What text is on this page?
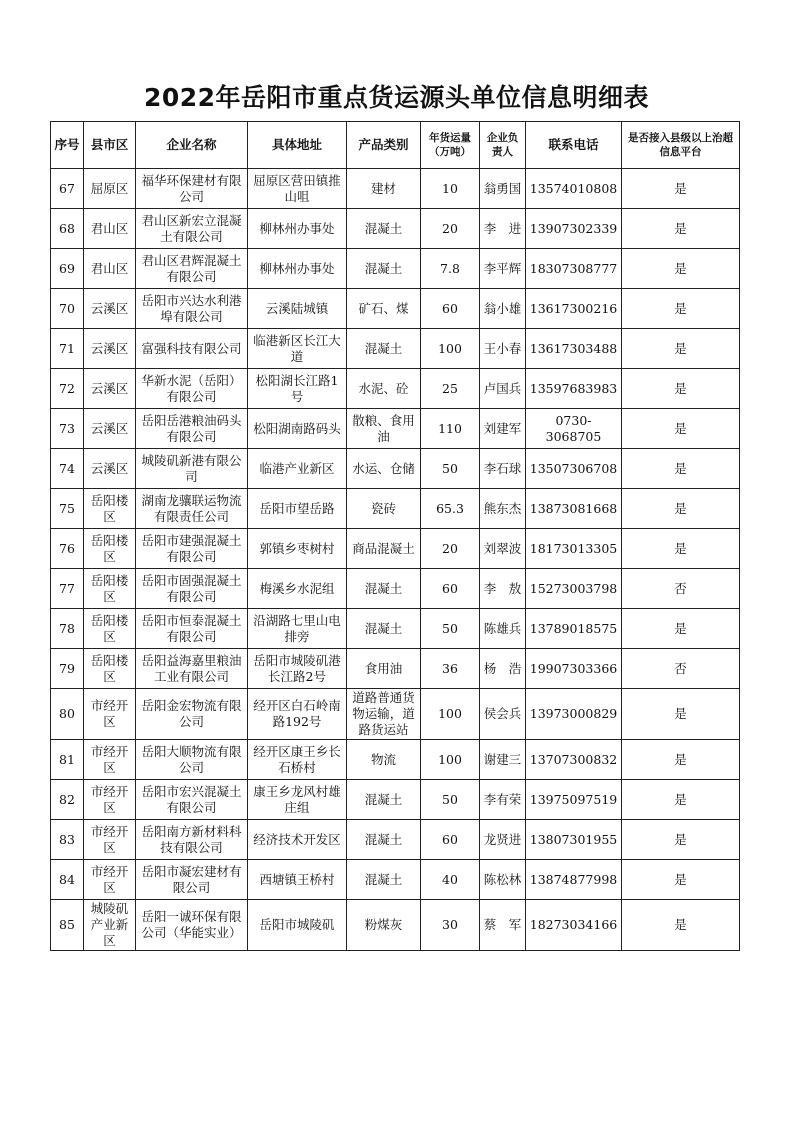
2022年岳阳市重点货运源头单位信息明细表
序号	县市区	企业名称	具体地址	产品类别	年货运量（万吨）	企业负责人	联系电话	是否接入县级以上治超信息平台
67	屈原区	福华环保建材有限公司	屈原区营田镇推山咀	建材	10	翁勇国	13574010808	是
68	君山区	君山区新宏立混凝土有限公司	柳林州办事处	混凝土	20	李　进	13907302339	是
69	君山区	君山区君辉混凝土有限公司	柳林州办事处	混凝土	7.8	李平辉	18307308777	是
70	云溪区	岳阳市兴达水利港埠有限公司	云溪陆城镇	矿石、煤	60	翁小雄	13617300216	是
71	云溪区	富强科技有限公司	临港新区长江大道	混凝土	100	王小春	13617303488	是
72	云溪区	华新水泥（岳阳）有限公司	松阳湖长江路1号	水泥、砼	25	卢国兵	13597683983	是
73	云溪区	岳阳岳港粮油码头有限公司	松阳湖南路码头	散粮、食用油	110	刘建军	0730-3068705	是
74	云溪区	城陵矶新港有限公司	临港产业新区	水运、仓储	50	李石球	13507306708	是
75	岳阳楼区	湖南龙骧联运物流有限责任公司	岳阳市望岳路	瓷砖	65.3	熊东杰	13873081668	是
76	岳阳楼区	岳阳市建强混凝土有限公司	郭镇乡枣树村	商品混凝土	20	刘翠波	18173013305	是
77	岳阳楼区	岳阳市固强混凝土有限公司	梅溪乡水泥组	混凝土	60	李　敖	15273003798	否
78	岳阳楼区	岳阳市恒泰混凝土有限公司	沿湖路七里山电排旁	混凝土	50	陈雄兵	13789018575	是
79	岳阳楼区	岳阳益海嘉里粮油工业有限公司	岳阳市城陵矶港长江路2号	食用油	36	杨　浩	19907303366	否
80	市经开区	岳阳金宏物流有限公司	经开区白石岭南路192号	道路普通货物运输，道路货运站	100	侯会兵	13973000829	是
81	市经开区	岳阳大顺物流有限公司	经开区康王乡长石桥村	物流	100	谢建三	13707300832	是
82	市经开区	岳阳市宏兴混凝土有限公司	康王乡龙风村雄庄组	混凝土	50	李有荣	13975097519	是
83	市经开区	岳阳南方新材料科技有限公司	经济技术开发区	混凝土	60	龙贤进	13807301955	是
84	市经开区	岳阳市凝宏建材有限公司	西塘镇王桥村	混凝土	40	陈松林	13874877998	是
85	城陵矶产业新区	岳阳一诚环保有限公司（华能实业）	岳阳市城陵矶	粉煤灰	30	蔡　军	18273034166	是
